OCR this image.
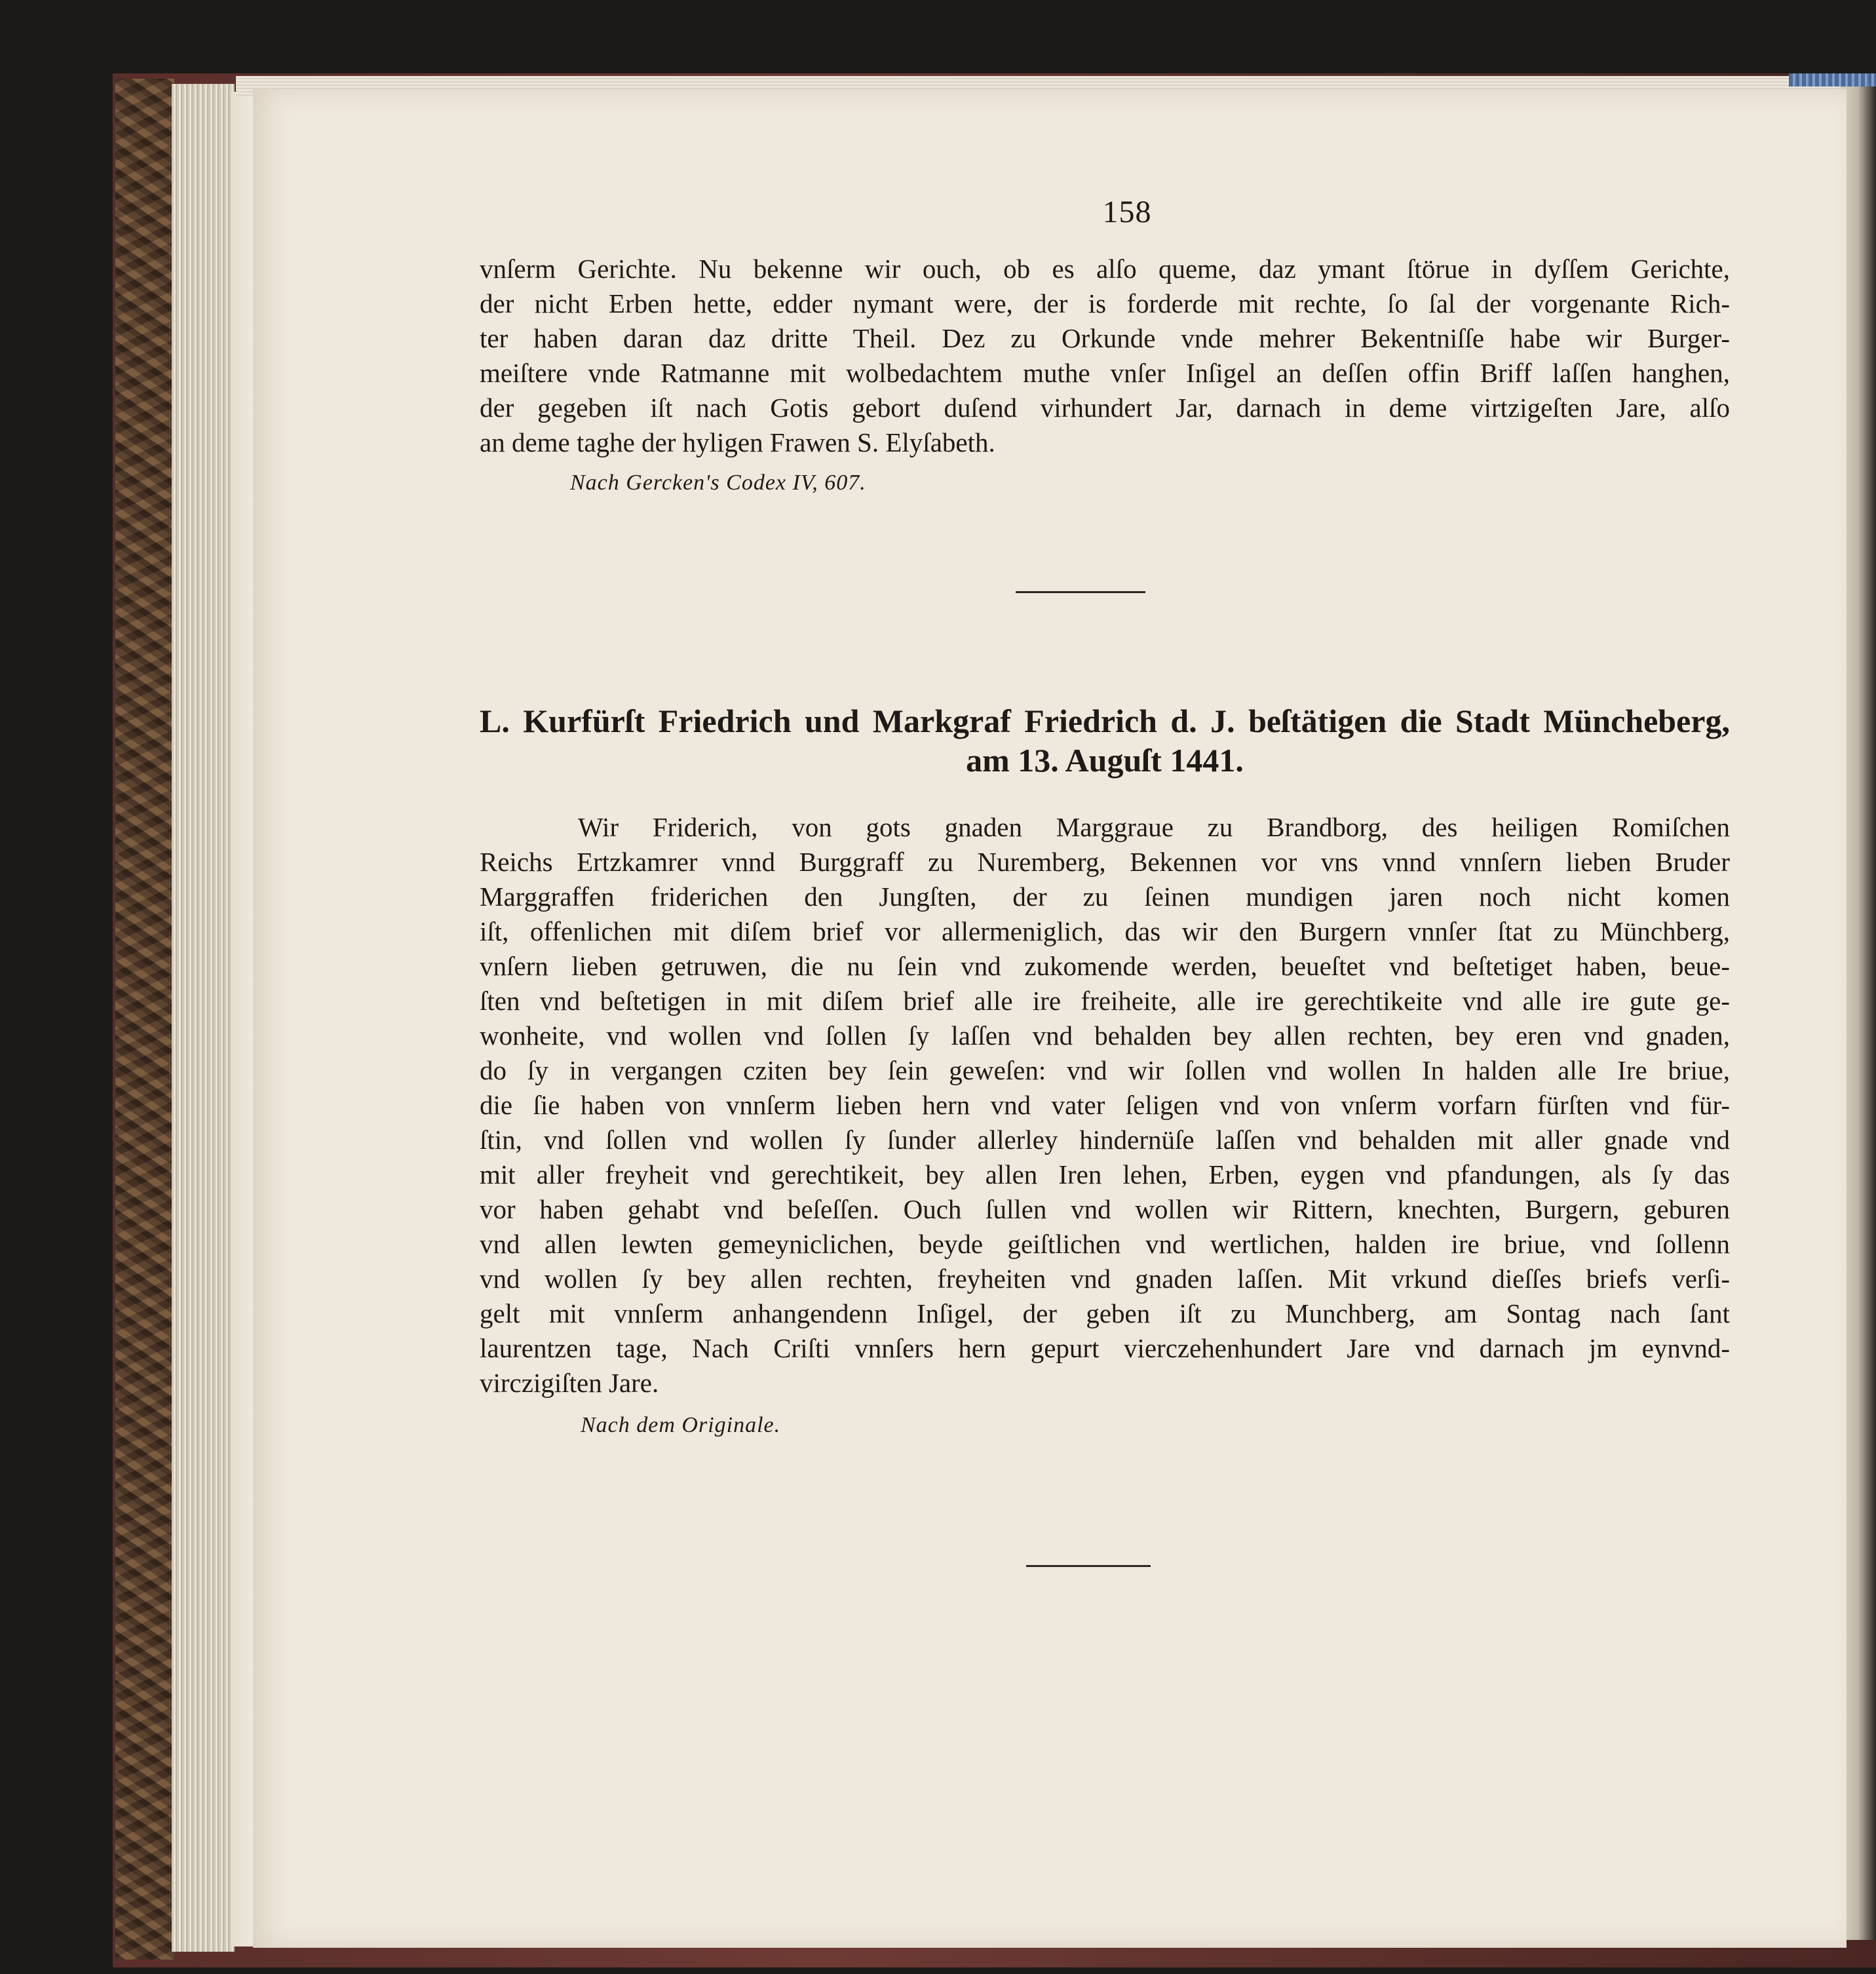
158
vnſerm Gerichte. Nu bekenne wir ouch, ob es alſo queme, daz ymant ſtörue in dyſſem Gerichte,
der nicht Erben hette, edder nymant were, der is forderde mit rechte, ſo ſal der vorgenante Rich-
ter haben daran daz dritte Theil. Dez zu Orkunde vnde mehrer Bekentniſſe habe wir Burger-
meiſtere vnde Ratmanne mit wolbedachtem muthe vnſer Inſigel an deſſen offin Briff laſſen hanghen,
der gegeben iſt nach Gotis gebort duſend virhundert Jar, darnach in deme virtzigeſten Jare, alſo
an deme taghe der hyligen Frawen S. Elyſabeth.
Nach Gercken's Codex IV, 607.
L. Kurfürſt Friedrich und Markgraf Friedrich d. J. beſtätigen die Stadt Müncheberg,
am 13. Auguſt 1441.
Wir Friderich, von gots gnaden Marggraue zu Brandborg, des heiligen Romiſchen
Reichs Ertzkamrer vnnd Burggraff zu Nuremberg, Bekennen vor vns vnnd vnnſern lieben Bruder
Marggraffen friderichen den Jungſten, der zu ſeinen mundigen jaren noch nicht komen
iſt, offenlichen mit diſem brief vor allermeniglich, das wir den Burgern vnnſer ſtat zu Münchberg,
vnſern lieben getruwen, die nu ſein vnd zukomende werden, beueſtet vnd beſtetiget haben, beue-
ſten vnd beſtetigen in mit diſem brief alle ire freiheite, alle ire gerechtikeite vnd alle ire gute ge-
wonheite, vnd wollen vnd ſollen ſy laſſen vnd behalden bey allen rechten, bey eren vnd gnaden,
do ſy in vergangen cziten bey ſein geweſen: vnd wir ſollen vnd wollen In halden alle Ire briue,
die ſie haben von vnnſerm lieben hern vnd vater ſeligen vnd von vnſerm vorfarn fürſten vnd für-
ſtin, vnd ſollen vnd wollen ſy ſunder allerley hindernüſe laſſen vnd behalden mit aller gnade vnd
mit aller freyheit vnd gerechtikeit, bey allen Iren lehen, Erben, eygen vnd pfandungen, als ſy das
vor haben gehabt vnd beſeſſen. Ouch ſullen vnd wollen wir Rittern, knechten, Burgern, geburen
vnd allen lewten gemeyniclichen, beyde geiſtlichen vnd wertlichen, halden ire briue, vnd ſollenn
vnd wollen ſy bey allen rechten, freyheiten vnd gnaden laſſen. Mit vrkund dieſſes briefs verſi-
gelt mit vnnſerm anhangendenn Inſigel, der geben iſt zu Munchberg, am Sontag nach ſant
laurentzen tage, Nach Criſti vnnſers hern gepurt vierczehenhundert Jare vnd darnach jm eynvnd-
virczigiſten Jare.
Nach dem Originale.
